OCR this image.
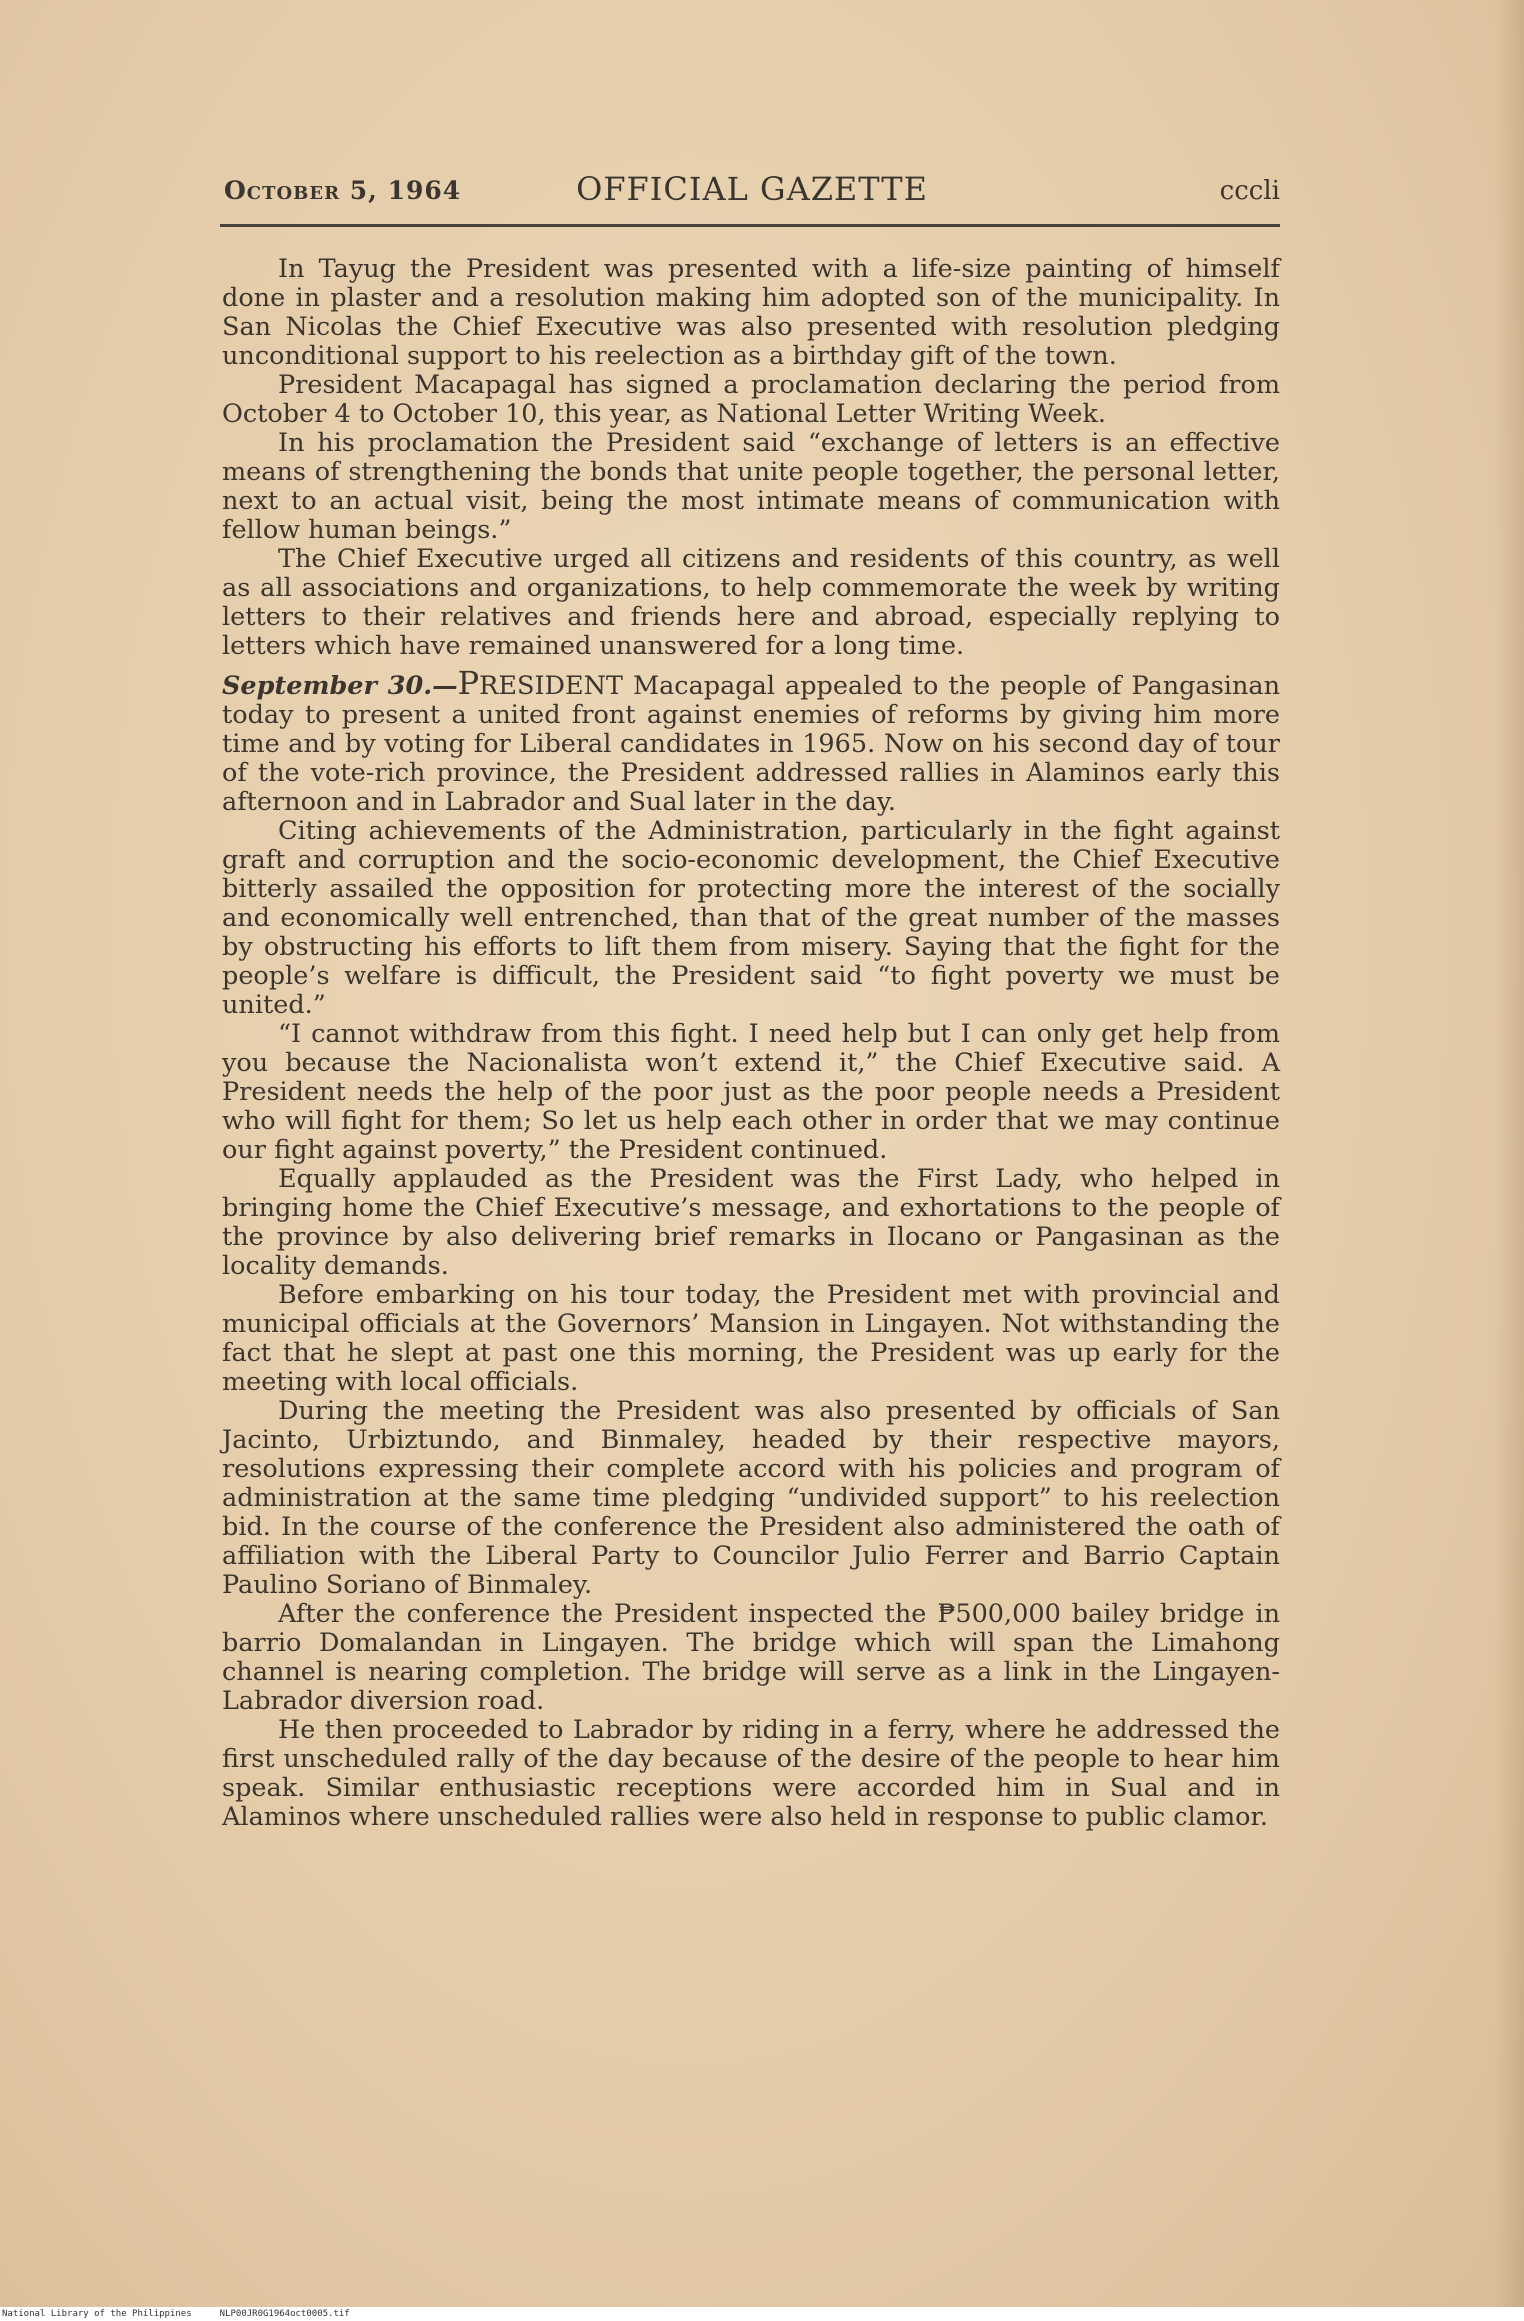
October 5, 1964	OFFICIAL GAZETTE	cccli

In Tayug the President was presented with a life-size painting of himself done in plaster and a resolution making him adopted son of the municipality. In San Nicolas the Chief Executive was also presented with resolution pledging unconditional support to his reelection as a birthday gift of the town.

President Macapagal has signed a proclamation declaring the period from October 4 to October 10, this year, as National Letter Writing Week.

In his proclamation the President said “exchange of letters is an effective means of strengthening the bonds that unite people together, the personal letter, next to an actual visit, being the most intimate means of communication with fellow human beings.”

The Chief Executive urged all citizens and residents of this country, as well as all associations and organizations, to help commemorate the week by writing letters to their relatives and friends here and abroad, especially replying to letters which have remained unanswered for a long time.

September 30.—PRESIDENT Macapagal appealed to the people of Pangasinan today to present a united front against enemies of reforms by giving him more time and by voting for Liberal candidates in 1965. Now on his second day of tour of the vote-rich province, the President addressed rallies in Alaminos early this afternoon and in Labrador and Sual later in the day.

Citing achievements of the Administration, particularly in the fight against graft and corruption and the socio-economic development, the Chief Executive bitterly assailed the opposition for protecting more the interest of the socially and economically well entrenched, than that of the great number of the masses by obstructing his efforts to lift them from misery. Saying that the fight for the people’s welfare is difficult, the President said “to fight poverty we must be united.”

“I cannot withdraw from this fight. I need help but I can only get help from you because the Nacionalista won’t extend it,” the Chief Executive said. A President needs the help of the poor just as the poor people needs a President who will fight for them; So let us help each other in order that we may continue our fight against poverty,” the President continued.

Equally applauded as the President was the First Lady, who helped in bringing home the Chief Executive’s message, and exhortations to the people of the province by also delivering brief remarks in Ilocano or Pangasinan as the locality demands.

Before embarking on his tour today, the President met with provincial and municipal officials at the Governors’ Mansion in Lingayen. Not withstanding the fact that he slept at past one this morning, the President was up early for the meeting with local officials.

During the meeting the President was also presented by officials of San Jacinto, Urbiztundo, and Binmaley, headed by their respective mayors, resolutions expressing their complete accord with his policies and program of administration at the same time pledging “undivided support” to his reelection bid. In the course of the conference the President also administered the oath of affiliation with the Liberal Party to Councilor Julio Ferrer and Barrio Captain Paulino Soriano of Binmaley.

After the conference the President inspected the ₱500,000 bailey bridge in barrio Domalandan in Lingayen. The bridge which will span the Limahong channel is nearing completion. The bridge will serve as a link in the Lingayen-Labrador diversion road.

He then proceeded to Labrador by riding in a ferry, where he addressed the first unscheduled rally of the day because of the desire of the people to hear him speak. Similar enthusiastic receptions were accorded him in Sual and in Alaminos where unscheduled rallies were also held in response to public clamor.

National Library of the Philippines	NLP00JR0G1964oct0005.tif
